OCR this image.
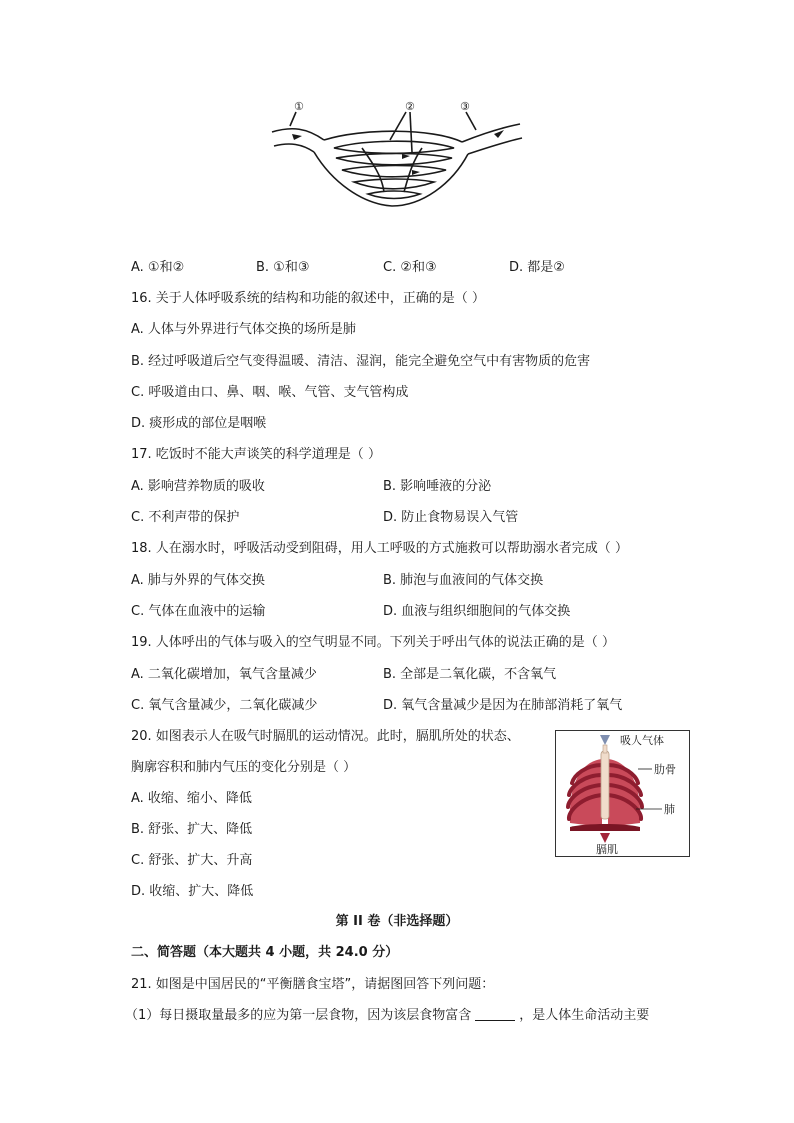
①	②	③
A. ①和②	B. ①和③	C. ②和③	D. 都是②
16. 关于人体呼吸系统的结构和功能的叙述中，正确的是（ ）
A. 人体与外界进行气体交换的场所是肺
B. 经过呼吸道后空气变得温暖、清洁、湿润，能完全避免空气中有害物质的危害
C. 呼吸道由口、鼻、咽、喉、气管、支气管构成
D. 痰形成的部位是咽喉
17. 吃饭时不能大声谈笑的科学道理是（ ）
A. 影响营养物质的吸收	B. 影响唾液的分泌
C. 不利声带的保护	D. 防止食物易误入气管
18. 人在溺水时，呼吸活动受到阻碍，用人工呼吸的方式施救可以帮助溺水者完成（ ）
A. 肺与外界的气体交换	B. 肺泡与血液间的气体交换
C. 气体在血液中的运输	D. 血液与组织细胞间的气体交换
19. 人体呼出的气体与吸入的空气明显不同。下列关于呼出气体的说法正确的是（ ）
A. 二氧化碳增加，氧气含量减少	B. 全部是二氧化碳，不含氧气
C. 氧气含量减少，二氧化碳减少	D. 氧气含量减少是因为在肺部消耗了氧气
20. 如图表示人在吸气时膈肌的运动情况。此时，膈肌所处的状态、
胸廓容积和肺内气压的变化分别是（ ）
A. 收缩、缩小、降低
B. 舒张、扩大、降低
C. 舒张、扩大、升高
D. 收缩、扩大、降低
吸人气体
肋骨
肺
膈肌
第 II 卷（非选择题）
二、简答题（本大题共 4 小题，共 24.0 分）
21. 如图是中国居民的“平衡膳食宝塔”，请据图回答下列问题：
（1）每日摄取量最多的应为第一层食物，因为该层食物富含	，是人体生命活动主要
